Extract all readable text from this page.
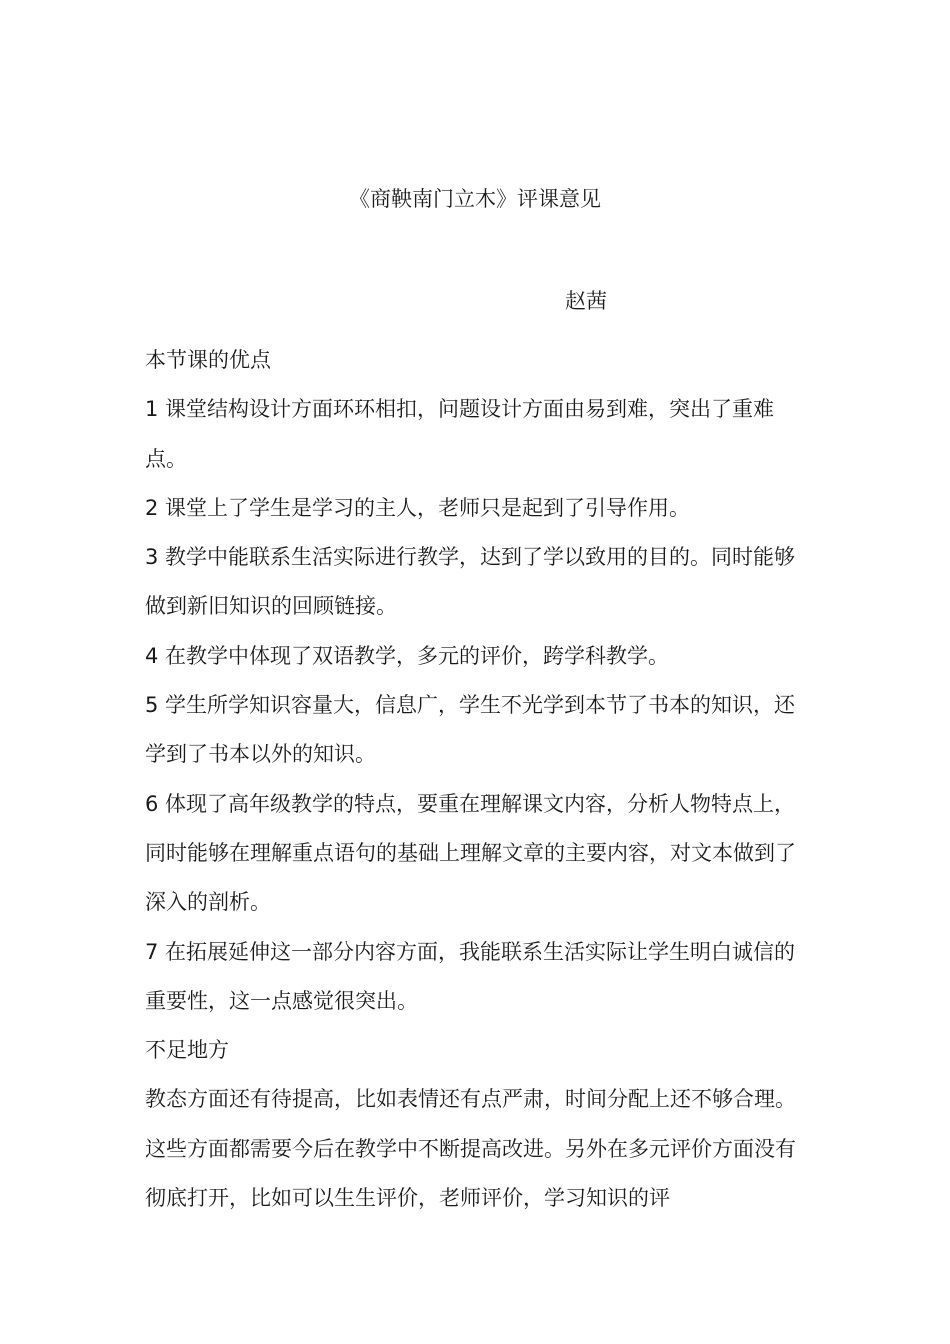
《商鞅南门立木》评课意见
赵茜

本节课的优点

1 课堂结构设计方面环环相扣，问题设计方面由易到难，突出了重难点。

2 课堂上了学生是学习的主人，老师只是起到了引导作用。

3 教学中能联系生活实际进行教学，达到了学以致用的目的。同时能够做到新旧知识的回顾链接。

4 在教学中体现了双语教学，多元的评价，跨学科教学。

5 学生所学知识容量大，信息广，学生不光学到本节了书本的知识，还学到了书本以外的知识。

6 体现了高年级教学的特点，要重在理解课文内容，分析人物特点上，同时能够在理解重点语句的基础上理解文章的主要内容，对文本做到了深入的剖析。

7 在拓展延伸这一部分内容方面，我能联系生活实际让学生明白诚信的重要性，这一点感觉很突出。

不足地方

教态方面还有待提高，比如表情还有点严肃，时间分配上还不够合理。这些方面都需要今后在教学中不断提高改进。另外在多元评价方面没有彻底打开，比如可以生生评价，老师评价，学习知识的评
